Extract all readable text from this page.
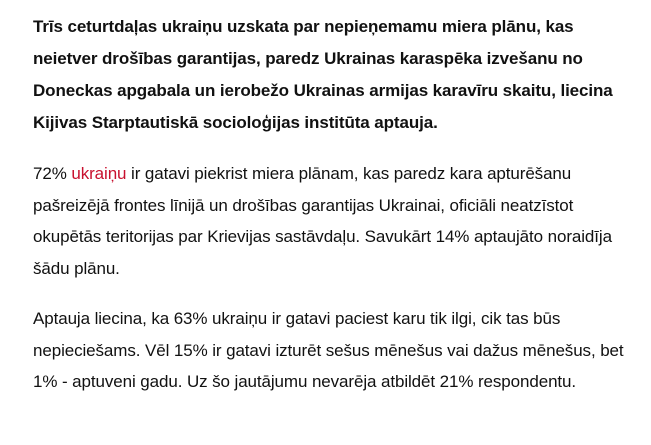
Trīs ceturtdaļas ukraiņu uzskata par nepieņemamu miera plānu, kas neietver drošības garantijas, paredz Ukrainas karaspēka izvešanu no Doneckas apgabala un ierobežo Ukrainas armijas karavīru skaitu, liecina Kijivas Starptautiskā socioloģijas institūta aptauja.

72% ukraiņu ir gatavi piekrist miera plānam, kas paredz kara apturēšanu pašreizējā frontes līnijā un drošības garantijas Ukrainai, oficiāli neatzīstot okupētās teritorijas par Krievijas sastāvdaļu. Savukārt 14% aptaujāto noraidīja šādu plānu.

Aptauja liecina, ka 63% ukraiņu ir gatavi paciest karu tik ilgi, cik tas būs nepieciešams. Vēl 15% ir gatavi izturēt sešus mēnešus vai dažus mēnešus, bet 1% - aptuveni gadu. Uz šo jautājumu nevarēja atbildēt 21% respondentu.
